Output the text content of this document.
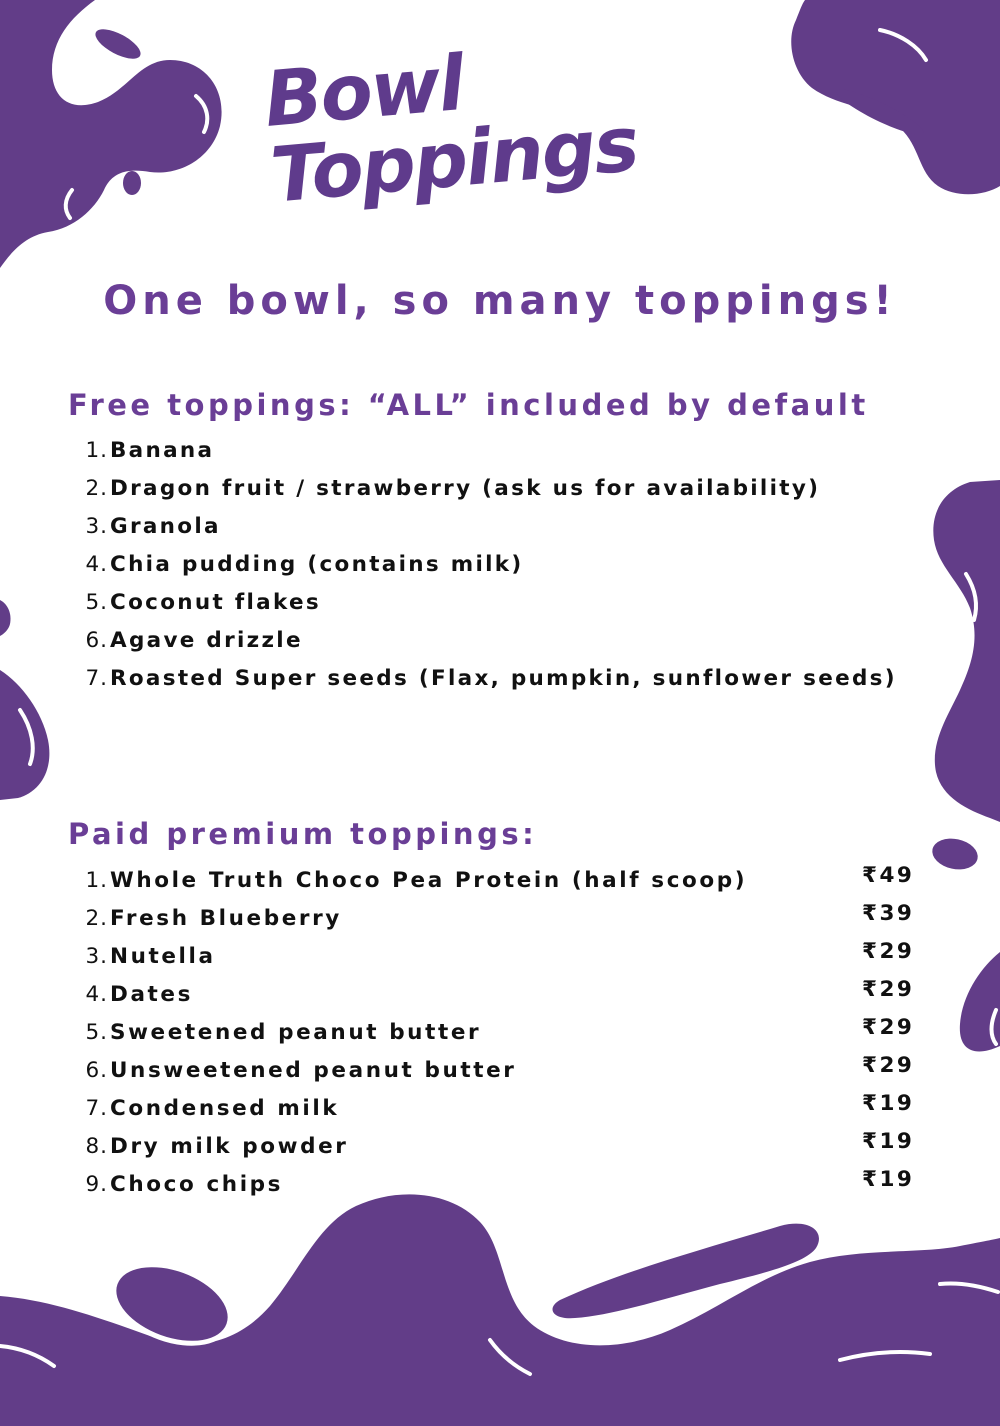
Bowl Toppings
One bowl, so many toppings!
Free toppings: “ALL” included by default
1. Banana
2. Dragon fruit / strawberry (ask us for availability)
3. Granola
4. Chia pudding (contains milk)
5. Coconut flakes
6. Agave drizzle
7. Roasted Super seeds (Flax, pumpkin, sunflower seeds)
Paid premium toppings:
1. Whole Truth Choco Pea Protein (half scoop)	₹49
2. Fresh Blueberry	₹39
3. Nutella	₹29
4. Dates	₹29
5. Sweetened peanut butter	₹29
6. Unsweetened peanut butter	₹29
7. Condensed milk	₹19
8. Dry milk powder	₹19
9. Choco chips	₹19
